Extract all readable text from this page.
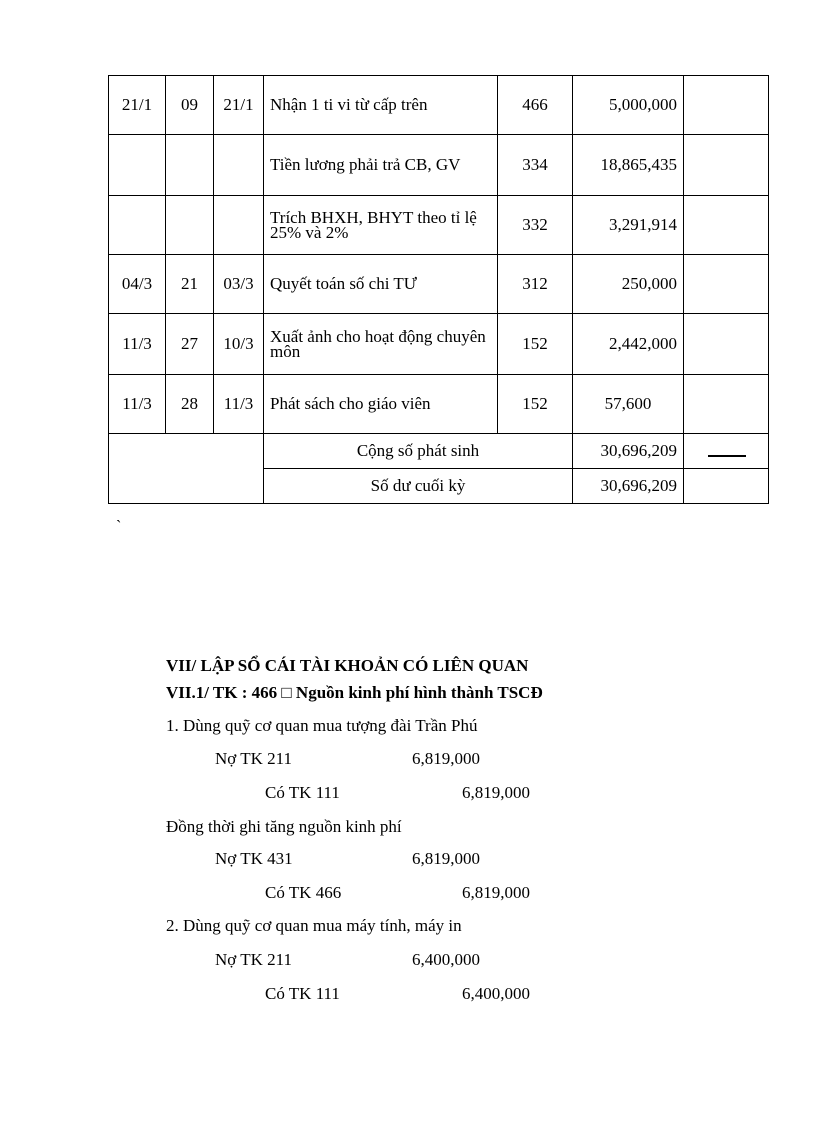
21/1	09	21/1	Nhận 1 ti vi từ cấp trên	466	5,000,000	
			Tiền lương phải trả CB, GV	334	18,865,435	
			Trích BHXH, BHYT theo tỉ lệ 25% và 2%	332	3,291,914	
04/3	21	03/3	Quyết toán số chi TƯ	312	250,000	
11/3	27	10/3	Xuất ảnh cho hoạt động chuyên môn	152	2,442,000	
11/3	28	11/3	Phát sách cho giáo viên	152	57,600	
			Cộng số phát sinh		30,696,209	
			Số dư cuối kỳ		30,696,209	
`
VII/ LẬP SỔ CÁI TÀI KHOẢN CÓ LIÊN QUAN
VII.1/ TK : 466 □ Nguồn kinh phí hình thành TSCĐ
1. Dùng quỹ cơ quan mua tượng đài Trần Phú
Nợ TK 211	6,819,000
Có TK 111	6,819,000
Đồng thời ghi tăng nguồn kinh phí
Nợ TK 431	6,819,000
Có TK 466	6,819,000
2. Dùng quỹ cơ quan mua máy tính, máy in
Nợ TK 211	6,400,000
Có TK 111	6,400,000
